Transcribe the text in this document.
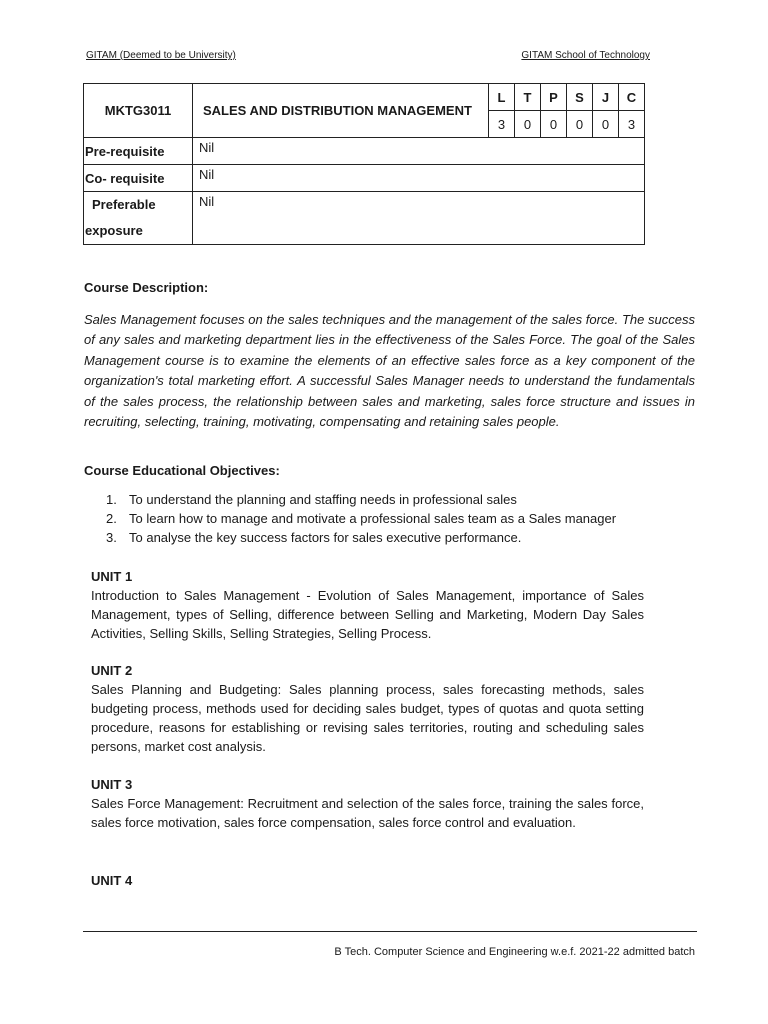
GITAM (Deemed to be University)	GITAM School of Technology
MKTG3011	SALES AND DISTRIBUTION MANAGEMENT	L	T	P	S	J	C
		3	0	0	0	0	3
Pre-requisite	Nil						
Co- requisite	Nil						

Preferable
exposure	Nil						
Course Description:

Sales Management focuses on the sales techniques and the management of the sales force. The success of any sales and marketing department lies in the effectiveness of the Sales Force. The goal of the Sales Management course is to examine the elements of an effective sales force as a key component of the organization's total marketing effort. A successful Sales Manager needs to understand the fundamentals of the sales process, the relationship between sales and marketing, sales force structure and issues in recruiting, selecting, training, motivating, compensating and retaining sales people.

Course Educational Objectives:
1. To understand the planning and staffing needs in professional sales
2. To learn how to manage and motivate a professional sales team as a Sales manager
3. To analyse the key success factors for sales executive performance.
UNIT 1
Introduction to Sales Management - Evolution of Sales Management, importance of Sales Management, types of Selling, difference between Selling and Marketing, Modern Day Sales Activities, Selling Skills, Selling Strategies, Selling Process.
UNIT 2
Sales Planning and Budgeting: Sales planning process, sales forecasting methods, sales budgeting process, methods used for deciding sales budget, types of quotas and quota setting procedure, reasons for establishing or revising sales territories, routing and scheduling sales persons, market cost analysis.
UNIT 3
Sales Force Management: Recruitment and selection of the sales force, training the sales force, sales force motivation, sales force compensation, sales force control and evaluation.
UNIT 4
B Tech. Computer Science and Engineering w.e.f. 2021-22 admitted batch
